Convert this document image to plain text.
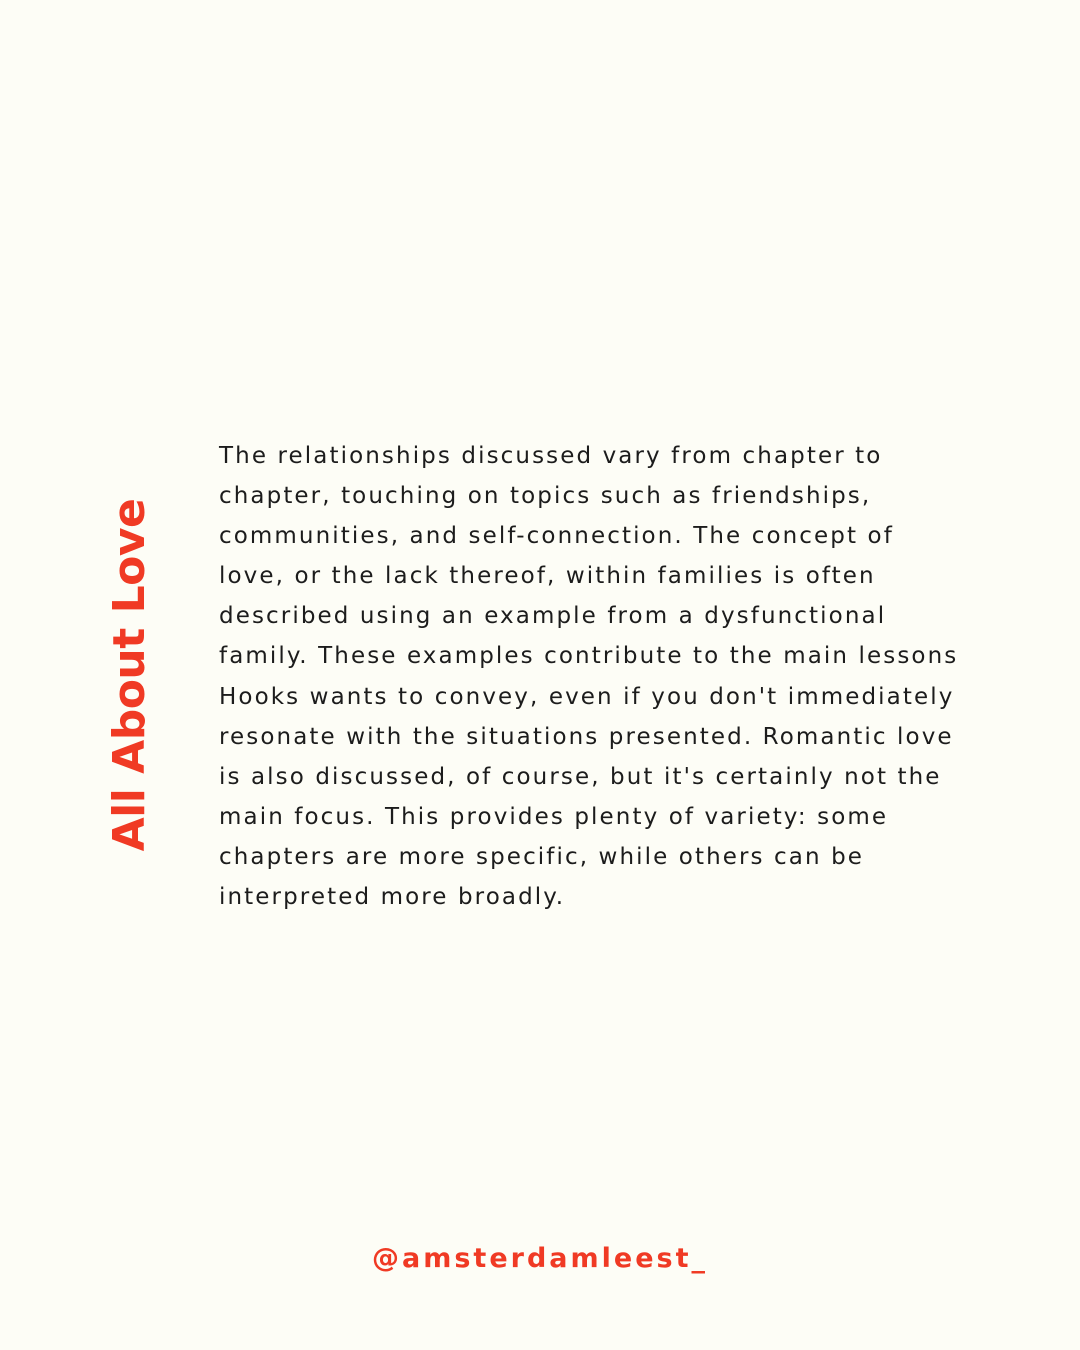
All About Love
The relationships discussed vary from chapter to
chapter, touching on topics such as friendships,
communities, and self-connection. The concept of
love, or the lack thereof, within families is often
described using an example from a dysfunctional
family. These examples contribute to the main lessons
Hooks wants to convey, even if you don't immediately
resonate with the situations presented. Romantic love
is also discussed, of course, but it's certainly not the
main focus. This provides plenty of variety: some
chapters are more specific, while others can be
interpreted more broadly.
@amsterdamleest_
